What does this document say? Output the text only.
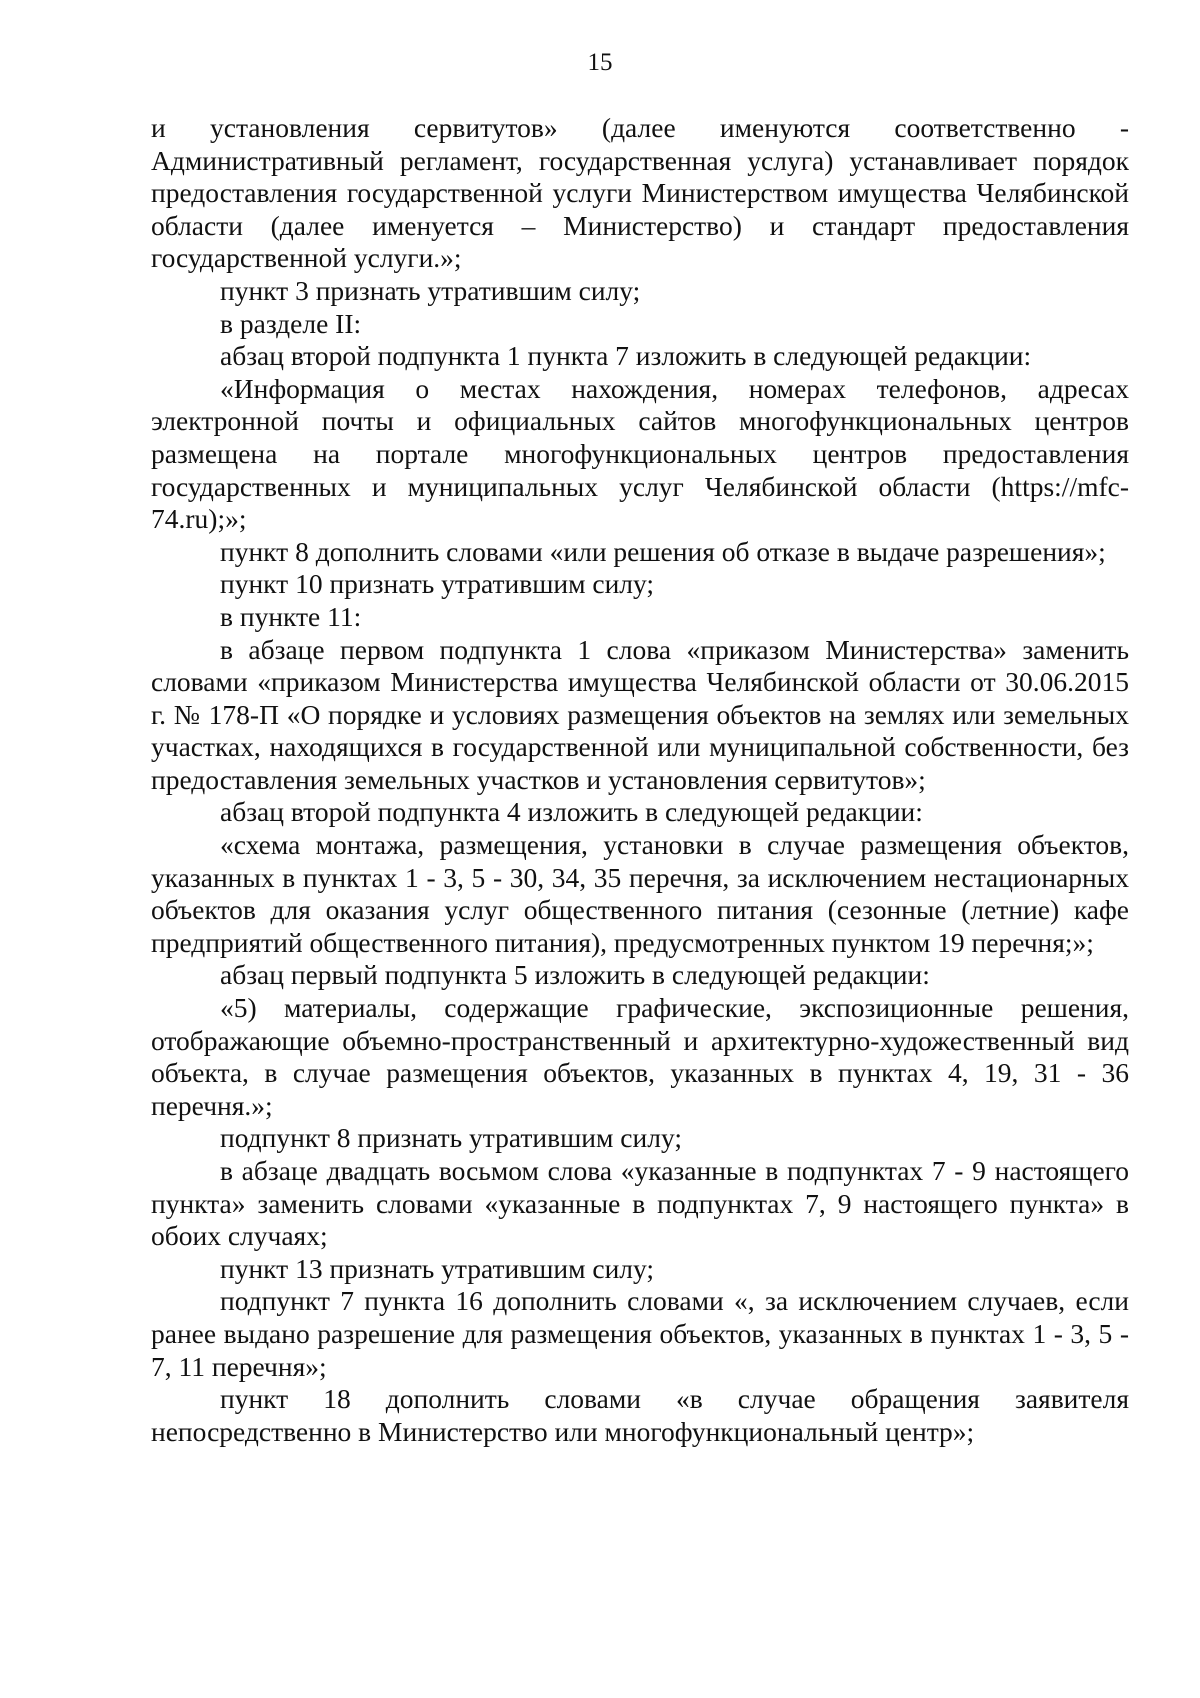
15

и установления сервитутов» (далее именуются соответственно - Административный регламент, государственная услуга) устанавливает порядок предоставления государственной услуги Министерством имущества Челябинской области (далее именуется – Министерство) и стандарт предоставления государственной услуги.»;

пункт 3 признать утратившим силу;

в разделе II:

абзац второй подпункта 1 пункта 7 изложить в следующей редакции:

«Информация о местах нахождения, номерах телефонов, адресах электронной почты и официальных сайтов многофункциональных центров размещена на портале многофункциональных центров предоставления государственных и муниципальных услуг Челябинской области (https://mfc-74.ru);»;

пункт 8 дополнить словами «или решения об отказе в выдаче разрешения»;

пункт 10 признать утратившим силу;

в пункте 11:

в абзаце первом подпункта 1 слова «приказом Министерства» заменить словами «приказом Министерства имущества Челябинской области от 30.06.2015 г. № 178-П «О порядке и условиях размещения объектов на землях или земельных участках, находящихся в государственной или муниципальной собственности, без предоставления земельных участков и установления сервитутов»;

абзац второй подпункта 4 изложить в следующей редакции:

«схема монтажа, размещения, установки в случае размещения объектов, указанных в пунктах 1 - 3, 5 - 30, 34, 35 перечня, за исключением нестационарных объектов для оказания услуг общественного питания (сезонные (летние) кафе предприятий общественного питания), предусмотренных пунктом 19 перечня;»;

абзац первый подпункта 5 изложить в следующей редакции:

«5) материалы, содержащие графические, экспозиционные решения, отображающие объемно-пространственный и архитектурно-художественный вид объекта, в случае размещения объектов, указанных в пунктах 4, 19, 31 - 36 перечня.»;

подпункт 8 признать утратившим силу;

в абзаце двадцать восьмом слова «указанные в подпунктах 7 - 9 настоящего пункта» заменить словами «указанные в подпунктах 7, 9 настоящего пункта» в обоих случаях;

пункт 13 признать утратившим силу;

подпункт 7 пункта 16 дополнить словами «, за исключением случаев, если ранее выдано разрешение для размещения объектов, указанных в пунктах 1 - 3, 5 - 7, 11 перечня»;

пункт 18 дополнить словами «в случае обращения заявителя непосредственно в Министерство или многофункциональный центр»;
